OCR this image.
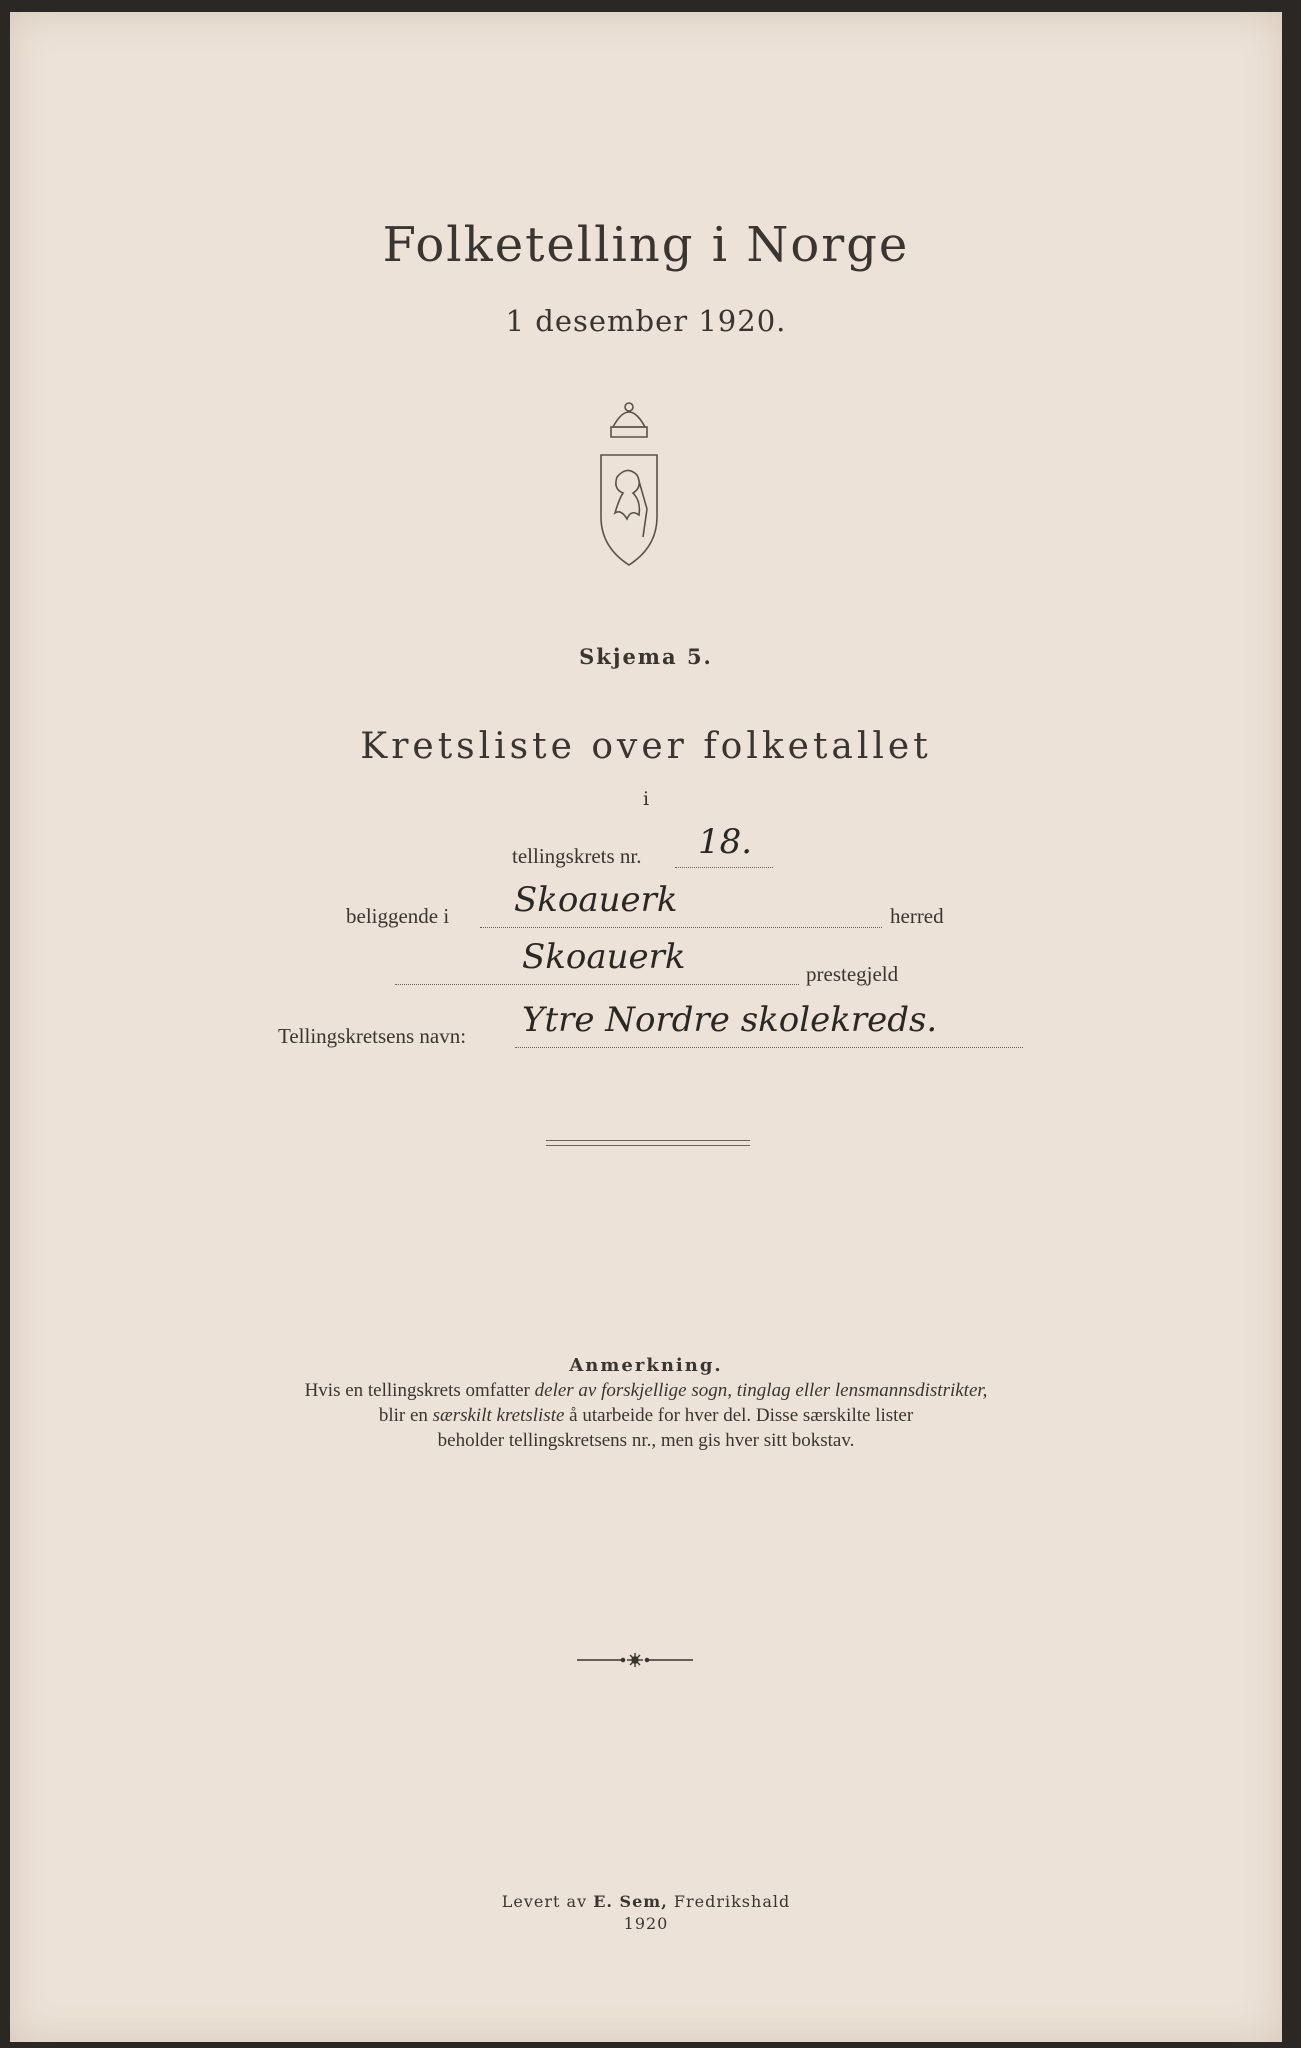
Folketelling i Norge
1 desember 1920.
Skjema 5.
Kretsliste over folketallet
i
tellingskrets nr. 18.
beliggende i Skoauerk	herred
Skoauerk	prestegjeld
Tellingskretsens navn: Ytre Nordre skolekreds.
Anmerkning.
Hvis en tellingskrets omfatter deler av forskjellige sogn, tinglag eller lensmannsdistrikter,
blir en særskilt kretsliste å utarbeide for hver del. Disse særskilte lister
beholder tellingskretsens nr., men gis hver sitt bokstav.
Levert av E. Sem, Fredrikshald
1920
